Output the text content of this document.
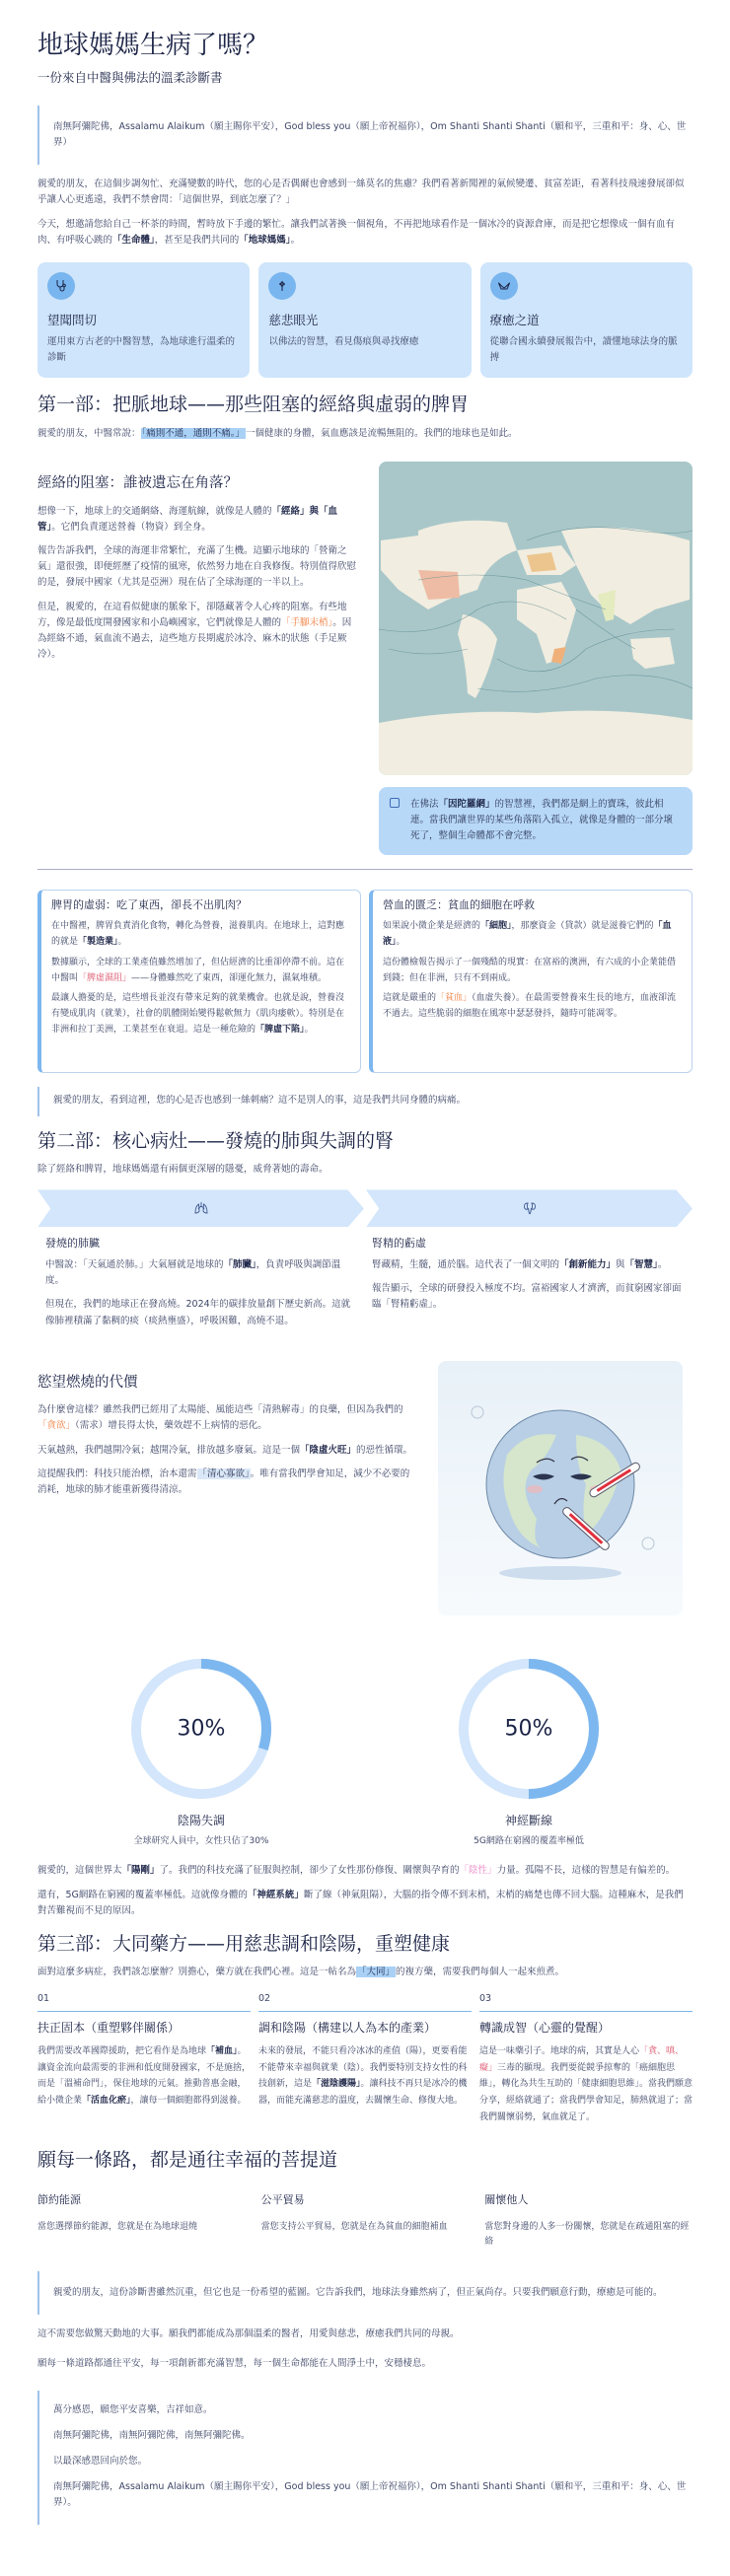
地球媽媽生病了嗎？
一份來自中醫與佛法的溫柔診斷書

南無阿彌陀佛，Assalamu Alaikum（願主賜你平安），God bless you（願上帝祝福你），Om Shanti Shanti Shanti（願和平，三重和平：身、心、世界）

親愛的朋友，在這個步調匆忙、充滿變數的時代，您的心是否偶爾也會感到一絲莫名的焦慮？我們看著新聞裡的氣候變遷、貧富差距，看著科技飛速發展卻似乎讓人心更遙遠，我們不禁會問：「這個世界，到底怎麼了？」

今天，想邀請您給自己一杯茶的時間，暫時放下手邊的繁忙。讓我們試著換一個視角，不再把地球看作是一個冰冷的資源倉庫，而是把它想像成一個有血有肉、有呼吸心跳的「生命體」，甚至是我們共同的「地球媽媽」。

望聞問切
運用東方古老的中醫智慧，為地球進行溫柔的診斷
慈悲眼光
以佛法的智慧，看見傷痕與尋找療癒
療癒之道
從聯合國永續發展報告中，讀懂地球法身的脈搏
第一部：把脈地球——那些阻塞的經絡與虛弱的脾胃

親愛的朋友，中醫常說：「痛則不通，通則不痛。」一個健康的身體，氣血應該是流暢無阻的。我們的地球也是如此。

經絡的阻塞：誰被遺忘在角落？

想像一下，地球上的交通網絡、海運航線，就像是人體的「經絡」與「血管」。它們負責運送營養（物資）到全身。

報告告訴我們，全球的海運非常繁忙，充滿了生機。這顯示地球的「營衛之氣」還很強，即便經歷了疫情的風寒，依然努力地在自我修復。特別值得欣慰的是，發展中國家（尤其是亞洲）現在佔了全球海運的一半以上。

但是，親愛的，在這看似健康的脈象下，卻隱藏著令人心疼的阻塞。有些地方，像是最低度開發國家和小島嶼國家，它們就像是人體的「手腳末梢」。因為經絡不通，氣血流不過去，這些地方長期處於冰冷、麻木的狀態（手足厥冷）。

在佛法「因陀羅網」的智慧裡，我們都是網上的寶珠，彼此相連。當我們讓世界的某些角落陷入孤立，就像是身體的一部分壞死了，整個生命體都不會完整。
脾胃的虛弱：吃了東西，卻長不出肌肉？

在中醫裡，脾胃負責消化食物，轉化為營養，滋養肌肉。在地球上，這對應的就是「製造業」。

數據顯示，全球的工業產值雖然增加了，但佔經濟的比重卻停滯不前。這在中醫叫「脾虛濕阻」——身體雖然吃了東西，卻運化無力，濕氣堆積。

最讓人擔憂的是，這些增長並沒有帶來足夠的就業機會。也就是說，營養沒有變成肌肉（就業），社會的肌體開始變得鬆軟無力（肌肉痿軟）。特別是在非洲和拉丁美洲，工業甚至在衰退。這是一種危險的「脾虛下陷」。

營血的匱乏：貧血的細胞在呼救

如果說小微企業是經濟的「細胞」，那麼資金（貸款）就是滋養它們的「血液」。

這份體檢報告揭示了一個殘酷的現實：在富裕的澳洲，有六成的小企業能借到錢；但在非洲，只有不到兩成。

這就是嚴重的「貧血」（血虛失養）。在最需要營養來生長的地方，血液卻流不過去。這些脆弱的細胞在風寒中瑟瑟發抖，隨時可能凋零。

親愛的朋友，看到這裡，您的心是否也感到一絲刺痛？這不是別人的事，這是我們共同身體的病痛。

第二部：核心病灶——發燒的肺與失調的腎

除了經絡和脾胃，地球媽媽還有兩個更深層的隱憂，威脅著她的壽命。

發燒的肺臟

中醫說：「天氣通於肺。」大氣層就是地球的「肺臟」，負責呼吸與調節溫度。

但現在，我們的地球正在發高燒。2024年的碳排放量創下歷史新高。這就像肺裡積滿了黏稠的痰（痰熱壅盛），呼吸困難，高燒不退。

腎精的虧虛

腎藏精，生髓，通於腦。這代表了一個文明的「創新能力」與「智慧」。

報告顯示，全球的研發投入極度不均。富裕國家人才濟濟，而貧窮國家卻面臨「腎精虧虛」。

慾望燃燒的代價

為什麼會這樣？雖然我們已經用了太陽能、風能這些「清熱解毒」的良藥，但因為我們的「貪欲」（需求）增長得太快，藥效趕不上病情的惡化。

天氣越熱，我們越開冷氣；越開冷氣，排放越多廢氣。這是一個「陰虛火旺」的惡性循環。

這提醒我們：科技只能治標，治本還需「清心寡欲」。唯有當我們學會知足，減少不必要的消耗，地球的肺才能重新獲得清涼。

30%
陰陽失調
全球研究人員中，女性只佔了30%
50%
神經斷線
5G網路在窮國的覆蓋率極低

親愛的，這個世界太「陽剛」了。我們的科技充滿了征服與控制，卻少了女性那份修復、關懷與孕育的「陰性」力量。孤陽不長，這樣的智慧是有偏差的。

還有，5G網路在窮國的覆蓋率極低。這就像身體的「神經系統」斷了線（神氣阻隔），大腦的指令傳不到末梢，末梢的痛楚也傳不回大腦。這種麻木，是我們對苦難視而不見的原因。

第三部：大同藥方——用慈悲調和陰陽，重塑健康

面對這麼多病症，我們該怎麼辦？別擔心，藥方就在我們心裡。這是一帖名為「大同」的複方藥，需要我們每個人一起來煎煮。

01
扶正固本（重塑夥伴關係）

我們需要改革國際援助，把它看作是為地球「補血」。讓資金流向最需要的非洲和低度開發國家，不是施捨，而是「溫補命門」，保住地球的元氣。推動普惠金融，給小微企業「活血化瘀」，讓每一個細胞都得到滋養。

02
調和陰陽（構建以人為本的產業）

未來的發展，不能只看冷冰冰的產值（陽），更要看能不能帶來幸福與就業（陰）。我們要特別支持女性的科技創新，這是「滋陰護陽」。讓科技不再只是冰冷的機器，而能充滿慈悲的溫度，去關懷生命、修復大地。

03
轉識成智（心靈的覺醒）

這是一味藥引子。地球的病，其實是人心「貪、嗔、癡」三毒的顯現。我們要從競爭掠奪的「癌細胞思維」，轉化為共生互助的「健康細胞思維」。當我們願意分享，經絡就通了；當我們學會知足，肺熱就退了；當我們關懷弱勢，氣血就足了。

願每一條路，都是通往幸福的菩提道
節約能源

當您選擇節約能源，您就是在為地球退燒

公平貿易

當您支持公平貿易，您就是在為貧血的細胞補血

關懷他人

當您對身邊的人多一份關懷，您就是在疏通阻塞的經絡

親愛的朋友，這份診斷書雖然沉重，但它也是一份希望的藍圖。它告訴我們，地球法身雖然病了，但正氣尚存。只要我們願意行動，療癒是可能的。

這不需要您做驚天動地的大事。願我們都能成為那個溫柔的醫者，用愛與慈悲，療癒我們共同的母親。

願每一條道路都通往平安，每一項創新都充滿智慧，每一個生命都能在人間淨土中，安穩棲息。

萬分感恩，願您平安喜樂，吉祥如意。

南無阿彌陀佛，南無阿彌陀佛，南無阿彌陀佛。

以最深感恩回向於您。

南無阿彌陀佛，Assalamu Alaikum（願主賜你平安），God bless you（願上帝祝福你），Om Shanti Shanti Shanti（願和平，三重和平：身、心、世界）。
